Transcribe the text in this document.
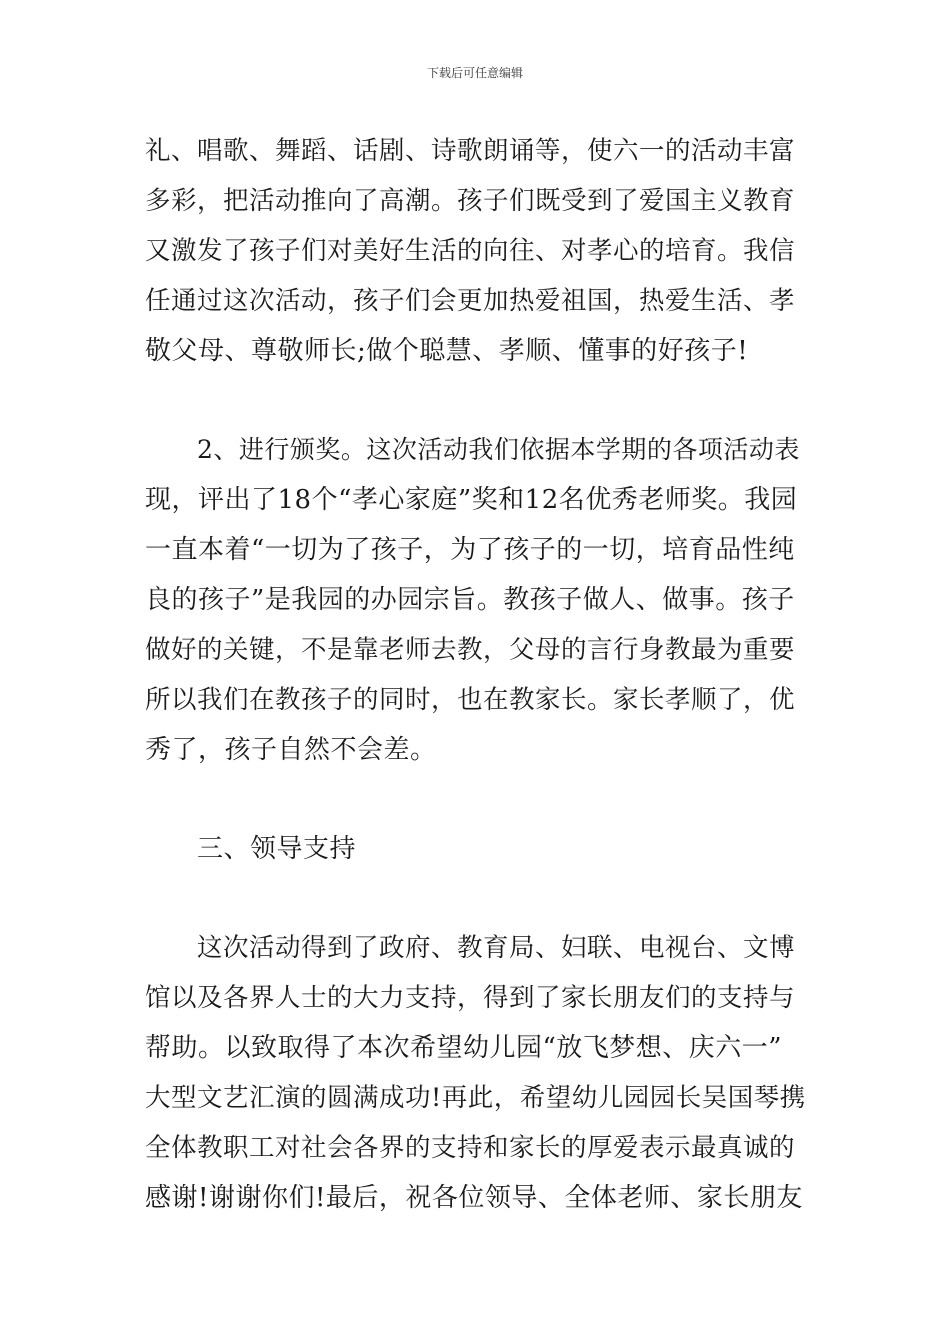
下载后可任意编辑
礼、唱歌、舞蹈、话剧、诗歌朗诵等，使六一的活动丰富
多彩，把活动推向了高潮。孩子们既受到了爱国主义教育
又激发了孩子们对美好生活的向往、对孝心的培育。我信
任通过这次活动，孩子们会更加热爱祖国，热爱生活、孝
敬父母、尊敬师长;做个聪慧、孝顺、懂事的好孩子!
2、进行颁奖。这次活动我们依据本学期的各项活动表
现，评出了18个“孝心家庭”奖和12名优秀老师奖。我园
一直本着“一切为了孩子，为了孩子的一切，培育品性纯
良的孩子”是我园的办园宗旨。教孩子做人、做事。孩子
做好的关键，不是靠老师去教，父母的言行身教最为重要
所以我们在教孩子的同时，也在教家长。家长孝顺了，优
秀了，孩子自然不会差。
三、领导支持
这次活动得到了政府、教育局、妇联、电视台、文博
馆以及各界人士的大力支持，得到了家长朋友们的支持与
帮助。以致取得了本次希望幼儿园“放飞梦想、庆六一”
大型文艺汇演的圆满成功!再此，希望幼儿园园长吴国琴携
全体教职工对社会各界的支持和家长的厚爱表示最真诚的
感谢!谢谢你们!最后，祝各位领导、全体老师、家长朋友
